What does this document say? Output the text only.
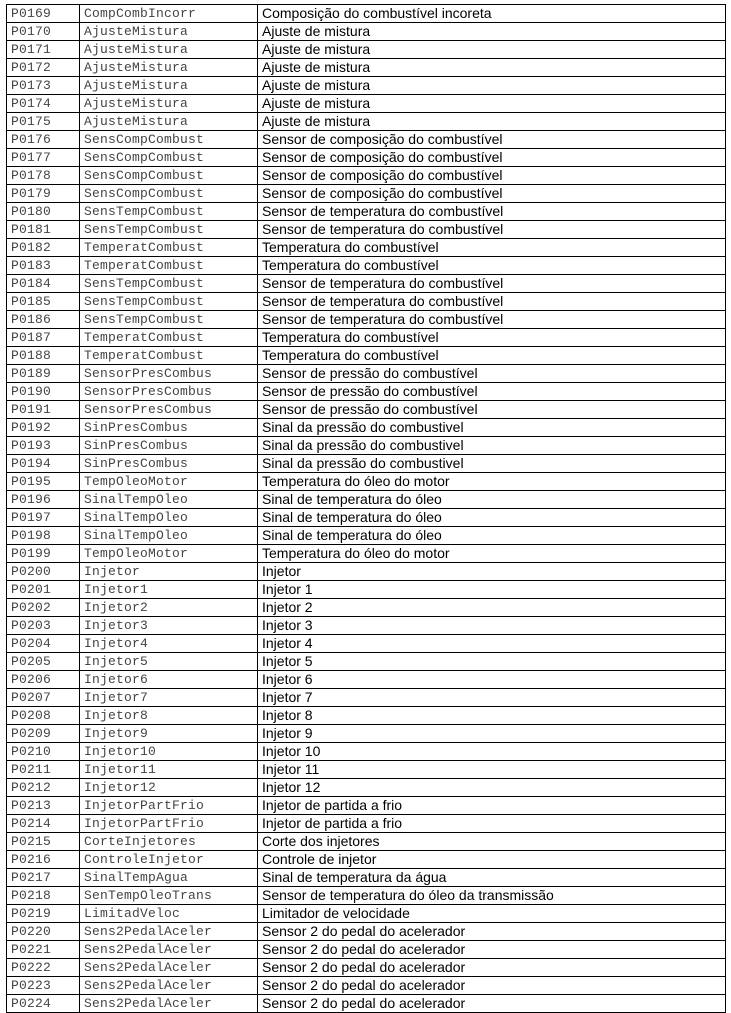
P0169	CompCombIncorr	Composição do combustível incoreta
P0170	AjusteMistura	Ajuste de mistura
P0171	AjusteMistura	Ajuste de mistura
P0172	AjusteMistura	Ajuste de mistura
P0173	AjusteMistura	Ajuste de mistura
P0174	AjusteMistura	Ajuste de mistura
P0175	AjusteMistura	Ajuste de mistura
P0176	SensCompCombust	Sensor de composição do combustível
P0177	SensCompCombust	Sensor de composição do combustível
P0178	SensCompCombust	Sensor de composição do combustível
P0179	SensCompCombust	Sensor de composição do combustível
P0180	SensTempCombust	Sensor de temperatura do combustível
P0181	SensTempCombust	Sensor de temperatura do combustível
P0182	TemperatCombust	Temperatura do combustível
P0183	TemperatCombust	Temperatura do combustível
P0184	SensTempCombust	Sensor de temperatura do combustível
P0185	SensTempCombust	Sensor de temperatura do combustível
P0186	SensTempCombust	Sensor de temperatura do combustível
P0187	TemperatCombust	Temperatura do combustível
P0188	TemperatCombust	Temperatura do combustível
P0189	SensorPresCombus	Sensor de pressão do combustível
P0190	SensorPresCombus	Sensor de pressão do combustível
P0191	SensorPresCombus	Sensor de pressão do combustível
P0192	SinPresCombus	Sinal da pressão do combustivel
P0193	SinPresCombus	Sinal da pressão do combustivel
P0194	SinPresCombus	Sinal da pressão do combustivel
P0195	TempOleoMotor	Temperatura do óleo do motor
P0196	SinalTempOleo	Sinal de temperatura do óleo
P0197	SinalTempOleo	Sinal de temperatura do óleo
P0198	SinalTempOleo	Sinal de temperatura do óleo
P0199	TempOleoMotor	Temperatura do óleo do motor
P0200	Injetor	Injetor
P0201	Injetor1	Injetor 1
P0202	Injetor2	Injetor 2
P0203	Injetor3	Injetor 3
P0204	Injetor4	Injetor 4
P0205	Injetor5	Injetor 5
P0206	Injetor6	Injetor 6
P0207	Injetor7	Injetor 7
P0208	Injetor8	Injetor 8
P0209	Injetor9	Injetor 9
P0210	Injetor10	Injetor 10
P0211	Injetor11	Injetor 11
P0212	Injetor12	Injetor 12
P0213	InjetorPartFrio	Injetor de partida a frio
P0214	InjetorPartFrio	Injetor de partida a frio
P0215	CorteInjetores	Corte dos injetores
P0216	ControleInjetor	Controle de injetor
P0217	SinalTempAgua	Sinal de temperatura da água
P0218	SenTempOleoTrans	Sensor de temperatura do óleo da transmissão
P0219	LimitadVeloc	Limitador de velocidade
P0220	Sens2PedalAceler	Sensor 2 do pedal do acelerador
P0221	Sens2PedalAceler	Sensor 2 do pedal do acelerador
P0222	Sens2PedalAceler	Sensor 2 do pedal do acelerador
P0223	Sens2PedalAceler	Sensor 2 do pedal do acelerador
P0224	Sens2PedalAceler	Sensor 2 do pedal do acelerador
